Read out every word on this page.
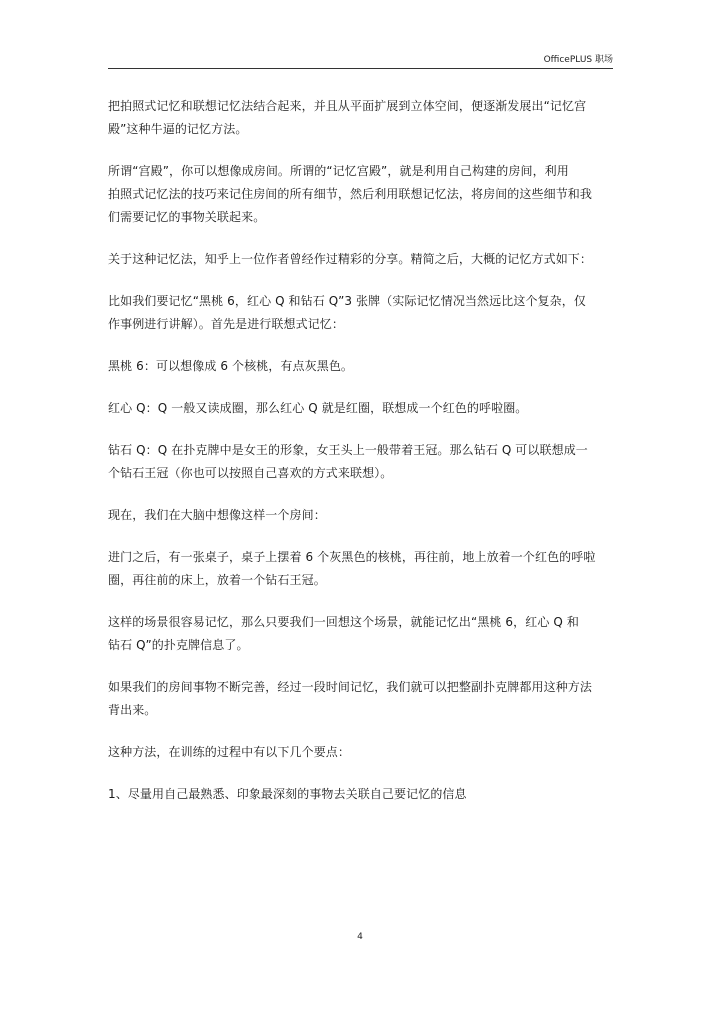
OfficePLUS 职场

把拍照式记忆和联想记忆法结合起来，并且从平面扩展到立体空间，便逐渐发展出“记忆宫
殿”这种牛逼的记忆方法。

所谓“宫殿”，你可以想像成房间。所谓的“记忆宫殿”，就是利用自己构建的房间，利用
拍照式记忆法的技巧来记住房间的所有细节，然后利用联想记忆法，将房间的这些细节和我
们需要记忆的事物关联起来。

关于这种记忆法，知乎上一位作者曾经作过精彩的分享。精简之后，大概的记忆方式如下：

比如我们要记忆“黑桃 6，红心 Q 和钻石 Q”3 张牌（实际记忆情况当然远比这个复杂，仅
作事例进行讲解）。首先是进行联想式记忆：

黑桃 6：可以想像成 6 个核桃，有点灰黑色。

红心 Q：Q 一般又读成圈，那么红心 Q 就是红圈，联想成一个红色的呼啦圈。

钻石 Q：Q 在扑克牌中是女王的形象，女王头上一般带着王冠。那么钻石 Q 可以联想成一
个钻石王冠（你也可以按照自己喜欢的方式来联想）。

现在，我们在大脑中想像这样一个房间：

进门之后，有一张桌子，桌子上摆着 6 个灰黑色的核桃，再往前，地上放着一个红色的呼啦
圈，再往前的床上，放着一个钻石王冠。

这样的场景很容易记忆，那么只要我们一回想这个场景，就能记忆出“黑桃 6，红心 Q 和
钻石 Q”的扑克牌信息了。

如果我们的房间事物不断完善，经过一段时间记忆，我们就可以把整副扑克牌都用这种方法
背出来。

这种方法，在训练的过程中有以下几个要点：

1、尽量用自己最熟悉、印象最深刻的事物去关联自己要记忆的信息

4
